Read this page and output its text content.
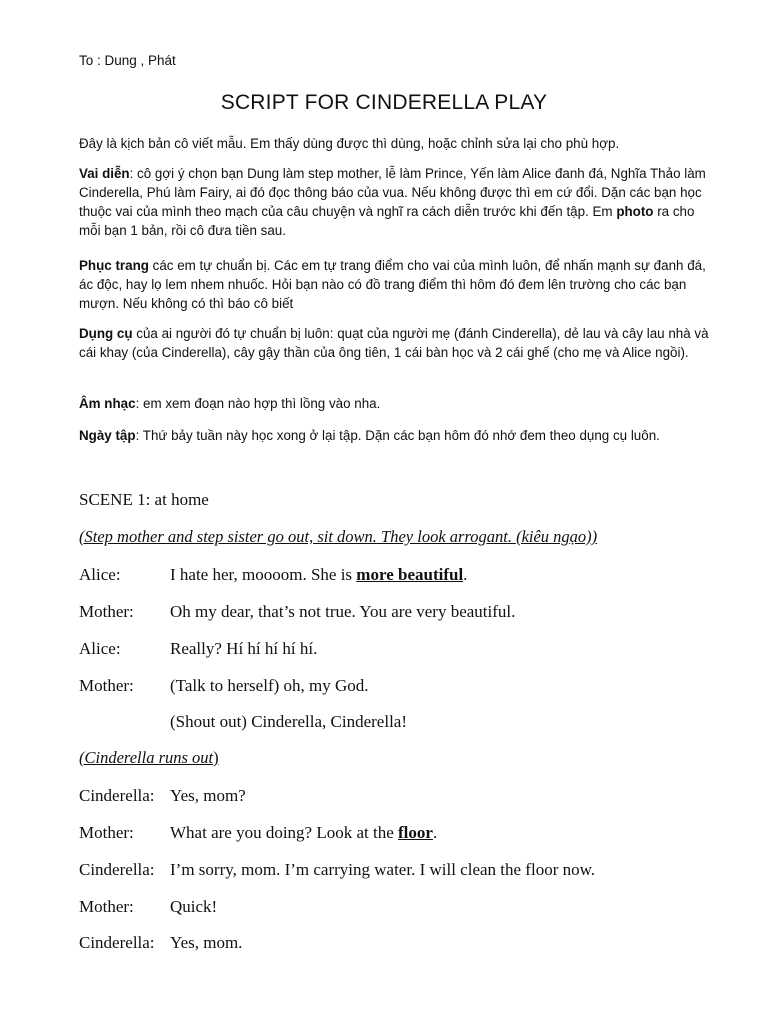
To : Dung , Phát
SCRIPT FOR CINDERELLA PLAY
Đây là kịch bản cô viết mẫu. Em thấy dùng được thì dùng, hoặc chỉnh sửa lại cho phù hợp.
Vai diễn: cô gợi ý chọn bạn Dung làm step mother, lễ làm Prince, Yến làm Alice đanh đá, Nghĩa Thảo làm Cinderella, Phú làm Fairy, ai đó đọc thông báo của vua. Nếu không được thì em cứ đổi. Dặn các bạn học thuộc vai của mình theo mạch của câu chuyện và nghĩ ra cách diễn trước khi đến tập. Em photo ra cho mỗi bạn 1 bản, rồi cô đưa tiền sau.
Phục trang các em tự chuẩn bị. Các em tự trang điểm cho vai của mình luôn, để nhấn mạnh sự đanh đá, ác độc, hay lọ lem nhem nhuốc. Hỏi bạn nào có đồ trang điểm thì hôm đó đem lên trường cho các bạn mượn. Nếu không có thì báo cô biết
Dụng cụ của ai người đó tự chuẩn bị luôn: quạt của người mẹ (đánh Cinderella), dẻ lau và cây lau nhà và cái khay (của Cinderella), cây gậy thần của ông tiên, 1 cái bàn học và 2 cái ghế (cho mẹ và Alice ngồi).
Âm nhạc: em xem đoạn nào hợp thì lồng vào nha.
Ngày tập: Thứ bảy tuần này học xong ở lại tập. Dặn các bạn hôm đó nhớ đem theo dụng cụ luôn.
SCENE 1: at home
(Step mother and step sister go out, sit down. They look arrogant. (kiêu ngạo))
(Cinderella runs out)
Alice:	I hate her, moooom. She is more beautiful.
Mother: Oh my dear, that’s not true. You are very beautiful.
Alice:	Really? Hí hí hí hí hí.
Mother: (Talk to herself) oh, my God.
(Shout out) Cinderella, Cinderella!
Cinderella: Yes, mom?
Mother: What are you doing? Look at the floor.
Cinderella: I’m sorry, mom. I’m carrying water. I will clean the floor now.
Mother: Quick!
Cinderella: Yes, mom.
